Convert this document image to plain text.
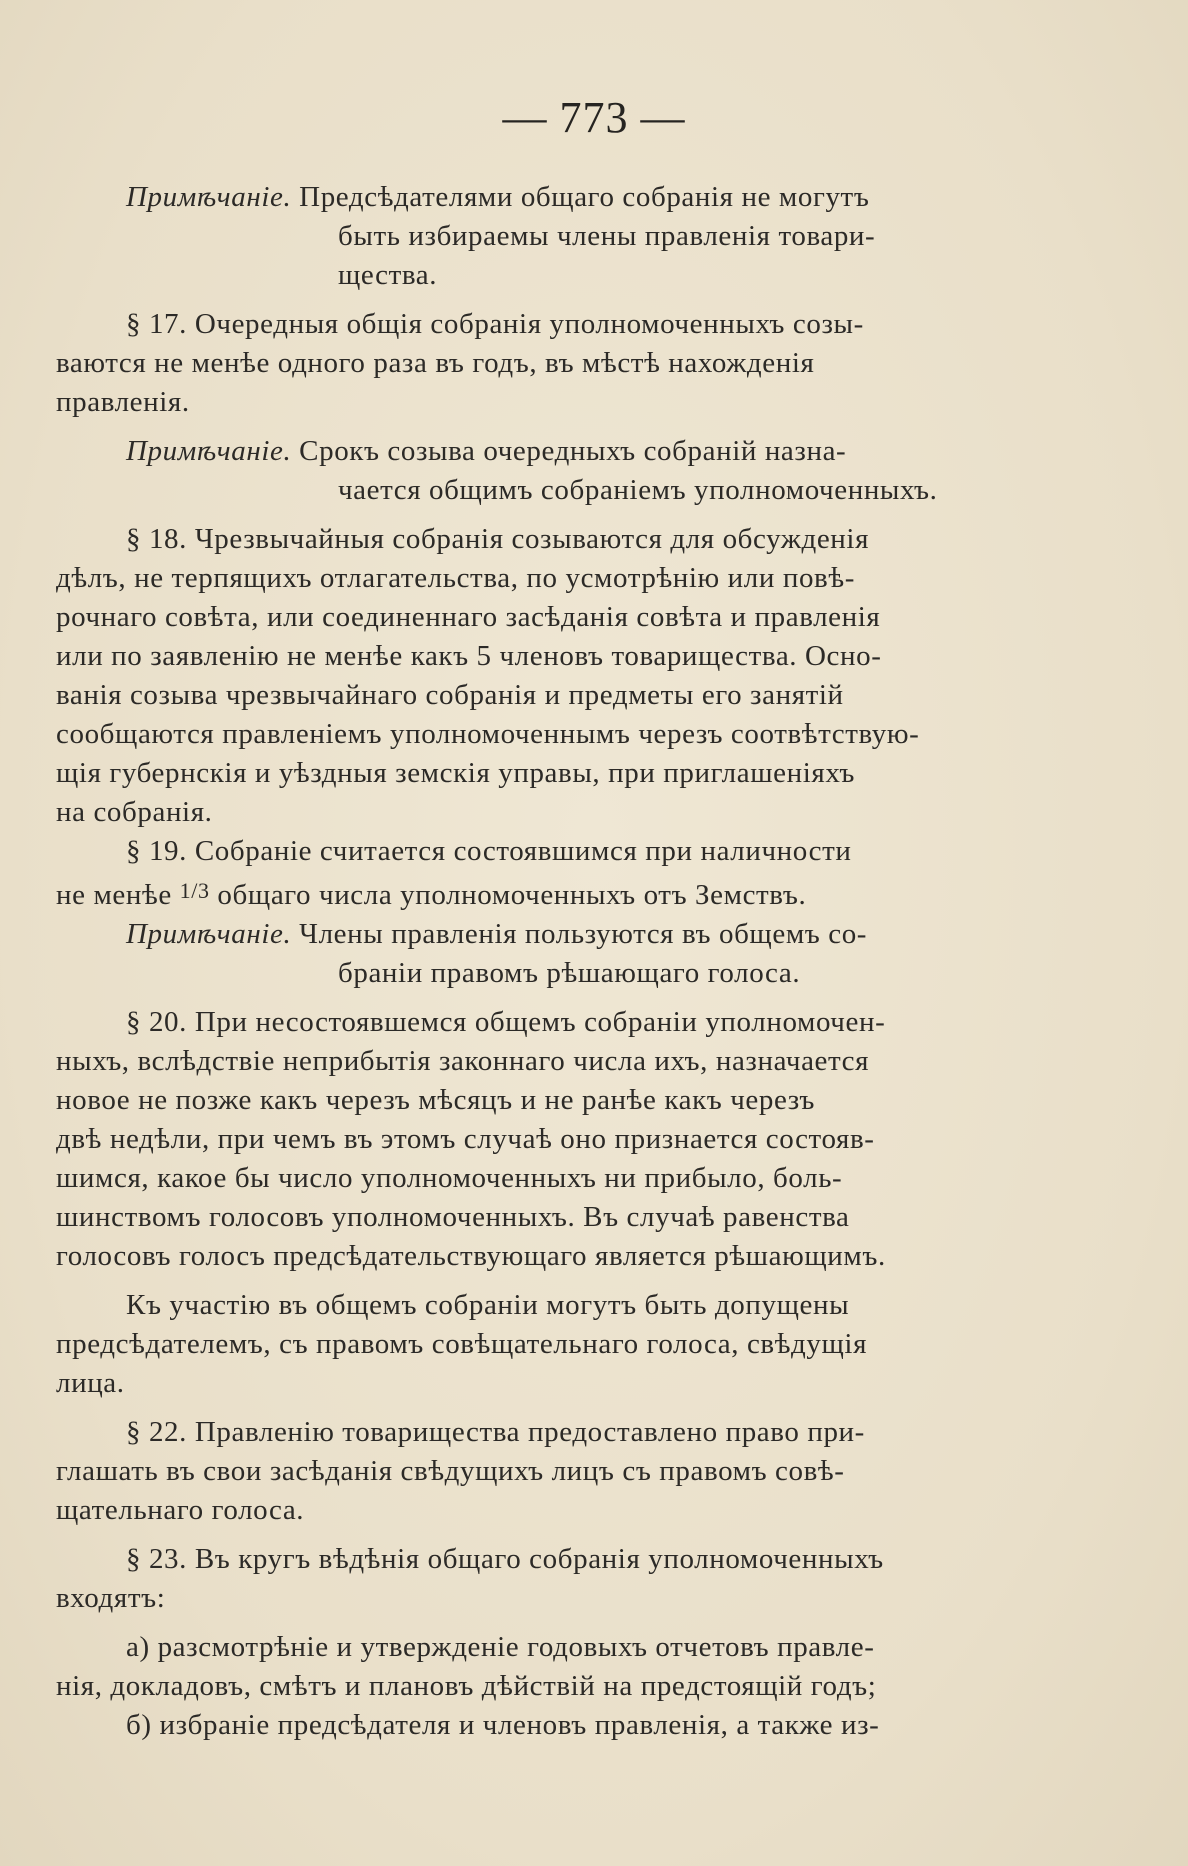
— 773 —
Примѣчаніе. Предсѣдателями общаго собранія не могутъ
быть избираемы члены правленія товари-
щества.
§ 17. Очередныя общія собранія уполномоченныхъ созы-
ваются не менѣе одного раза въ годъ, въ мѣстѣ нахожденія
правленія.
Примѣчаніе. Срокъ созыва очередныхъ собраній назна-
чается общимъ собраніемъ уполномоченныхъ.
§ 18. Чрезвычайныя собранія созываются для обсужденія
дѣлъ, не терпящихъ отлагательства, по усмотрѣнію или повѣ-
рочнаго совѣта, или соединеннаго засѣданія совѣта и правленія
или по заявленію не менѣе какъ 5 членовъ товарищества. Осно-
ванія созыва чрезвычайнаго собранія и предметы его занятій
сообщаются правленіемъ уполномоченнымъ черезъ соотвѣтствую-
щія губернскія и уѣздныя земскія управы, при приглашеніяхъ
на собранія.
§ 19. Собраніе считается состоявшимся при наличности
не менѣе $^{1/3}$ общаго числа уполномоченныхъ отъ Земствъ.
Примѣчаніе. Члены правленія пользуются въ общемъ со-
браніи правомъ рѣшающаго голоса.
§ 20. При несостоявшемся общемъ собраніи уполномочен-
ныхъ, вслѣдствіе неприбытія законнаго числа ихъ, назначается
новое не позже какъ черезъ мѣсяцъ и не ранѣе какъ черезъ
двѣ недѣли, при чемъ въ этомъ случаѣ оно признается состояв-
шимся, какое бы число уполномоченныхъ ни прибыло, боль-
шинствомъ голосовъ уполномоченныхъ. Въ случаѣ равенства
голосовъ голосъ предсѣдательствующаго является рѣшающимъ.
Къ участію въ общемъ собраніи могутъ быть допущены
предсѣдателемъ, съ правомъ совѣщательнаго голоса, свѣдущія
лица.
§ 22. Правленію товарищества предоставлено право при-
глашать въ свои засѣданія свѣдущихъ лицъ съ правомъ совѣ-
щательнаго голоса.
§ 23. Въ кругъ вѣдѣнія общаго собранія уполномоченныхъ
входятъ:
а) разсмотрѣніе и утвержденіе годовыхъ отчетовъ правле-
нія, докладовъ, смѣтъ и плановъ дѣйствій на предстоящій годъ;
б) избраніе предсѣдателя и членовъ правленія, а также из-
